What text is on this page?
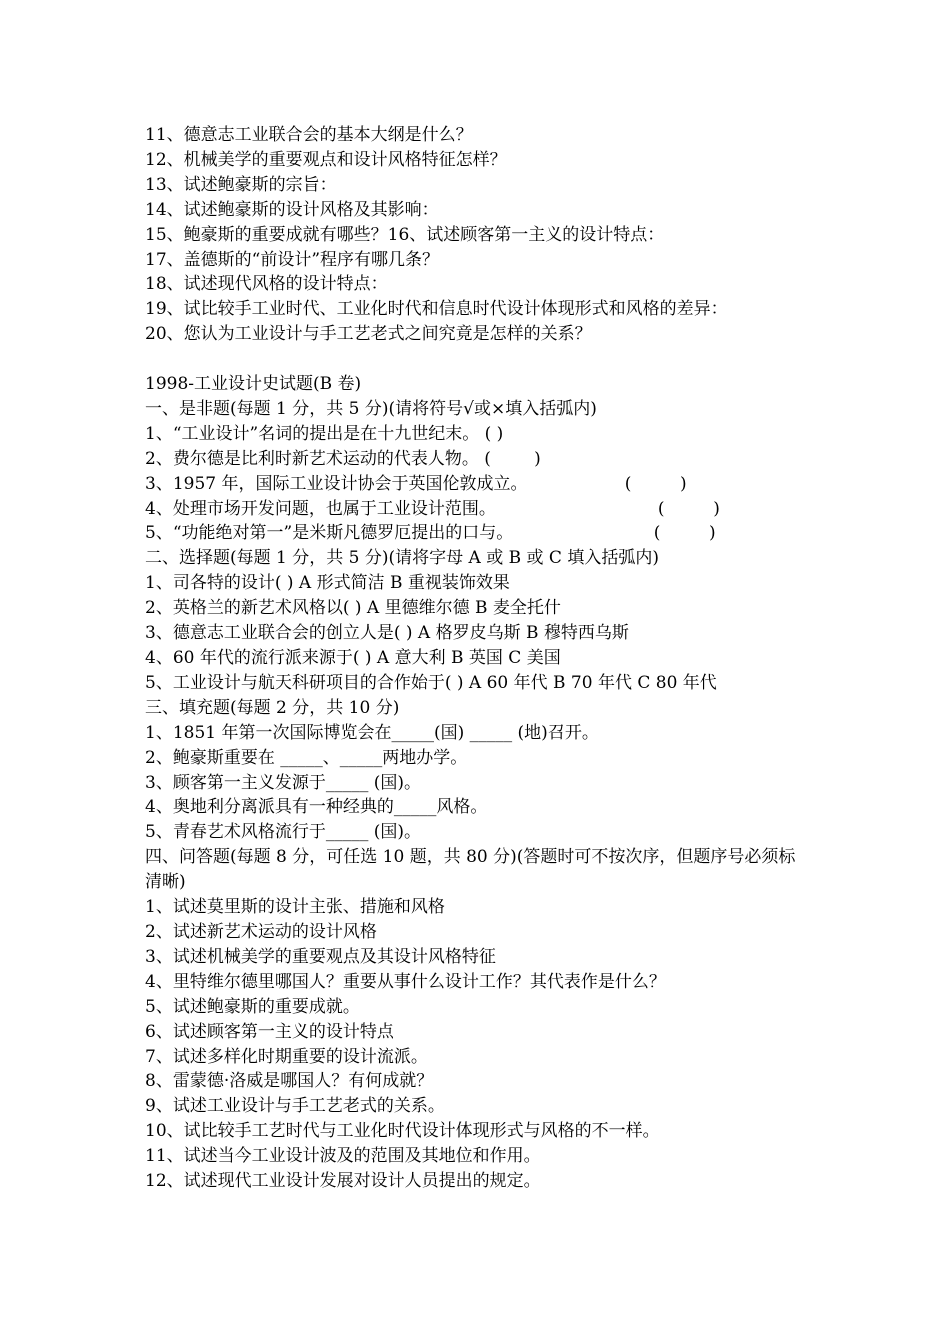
11、德意志工业联合会的基本大纲是什么？
12、机械美学的重要观点和设计风格特征怎样？
13、试述鲍豪斯的宗旨：
14、试述鲍豪斯的设计风格及其影响：
15、鲍豪斯的重要成就有哪些？16、试述顾客第一主义的设计特点：
17、盖德斯的“前设计”程序有哪几条？
18、试述现代风格的设计特点：
19、试比较手工业时代、工业化时代和信息时代设计体现形式和风格的差异：
20、您认为工业设计与手工艺老式之间究竟是怎样的关系？
1998-工业设计史试题(B 卷)
一、是非题(每题 1 分，共 5 分)(请将符号√或×填入括弧内)
1、“工业设计”名词的提出是在十九世纪末。 ( )
2、费尔德是比利时新艺术运动的代表人物。 (        )
3、1957 年，国际工业设计协会于英国伦敦成立。                  (         )
4、处理市场开发问题，也属于工业设计范围。                              (         )
5、“功能绝对第一”是米斯凡德罗厄提出的口与。                          (         )
二、选择题(每题 1 分，共 5 分)(请将字母 A 或 B 或 C 填入括弧内)
1、司各特的设计( ) A 形式简洁 B 重视装饰效果
2、英格兰的新艺术风格以( ) A 里德维尔德 B 麦全托什
3、德意志工业联合会的创立人是( ) A 格罗皮乌斯 B 穆特西乌斯
4、60 年代的流行派来源于( ) A 意大利 B 英国 C 美国
5、工业设计与航天科研项目的合作始于( ) A 60 年代 B 70 年代 C 80 年代
三、填充题(每题 2 分，共 10 分)
1、1851 年第一次国际博览会在_____(国) _____ (地)召开。
2、鲍豪斯重要在 _____、_____两地办学。
3、顾客第一主义发源于_____ (国)。
4、奥地利分离派具有一种经典的_____风格。
5、青春艺术风格流行于_____ (国)。
四、问答题(每题 8 分，可任选 10 题，共 80 分)(答题时可不按次序，但题序号必须标清晰)
1、试述莫里斯的设计主张、措施和风格
2、试述新艺术运动的设计风格
3、试述机械美学的重要观点及其设计风格特征
4、里特维尔德里哪国人？重要从事什么设计工作？其代表作是什么？
5、试述鲍豪斯的重要成就。
6、试述顾客第一主义的设计特点
7、试述多样化时期重要的设计流派。
8、雷蒙德·洛威是哪国人？有何成就？
9、试述工业设计与手工艺老式的关系。
10、试比较手工艺时代与工业化时代设计体现形式与风格的不一样。
11、试述当今工业设计波及的范围及其地位和作用。
12、试述现代工业设计发展对设计人员提出的规定。
